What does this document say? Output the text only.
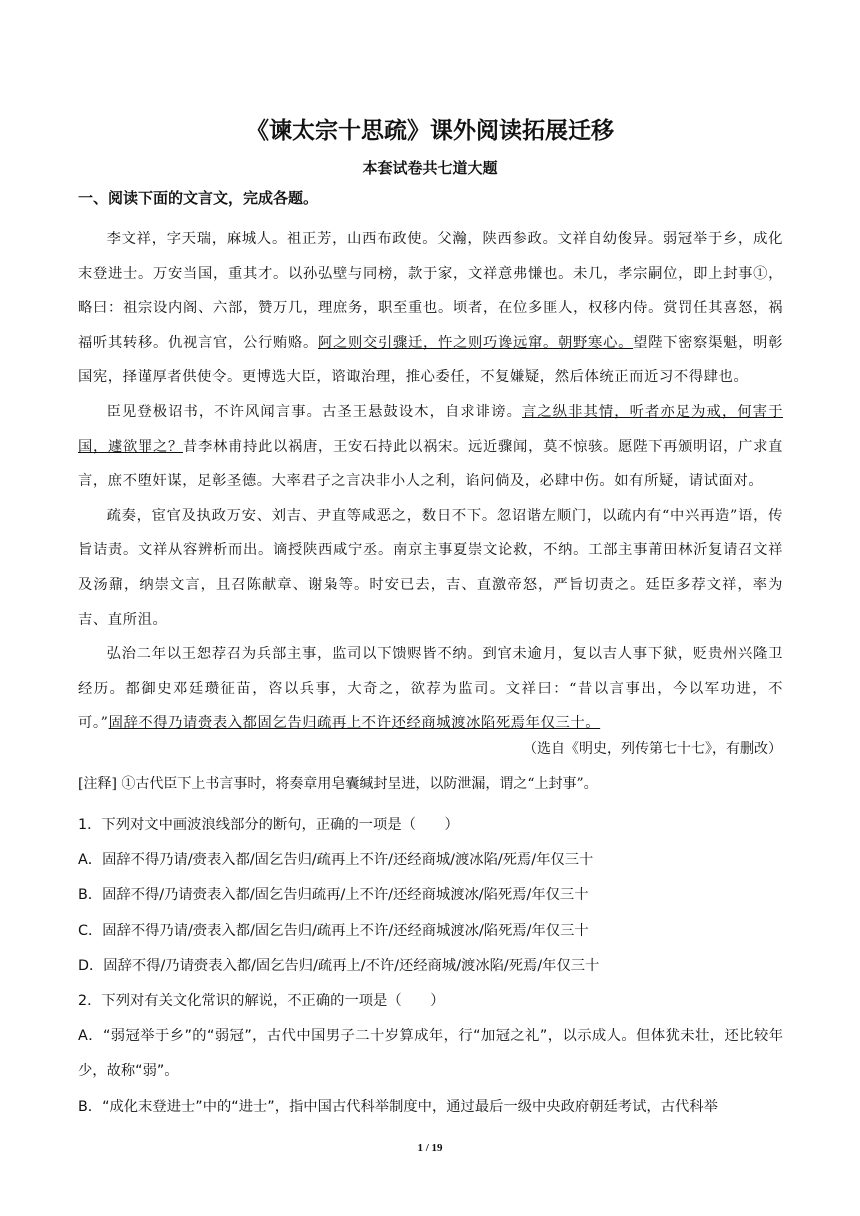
《谏太宗十思疏》课外阅读拓展迁移
本套试卷共七道大题
一、阅读下面的文言文，完成各题。

李文祥，字天瑞，麻城人。祖正芳，山西布政使。父瀚，陕西参政。文祥自幼俊异。弱冠举于乡，成化末登进士。万安当国，重其才。以孙弘壁与同榜，款于家，文祥意弗慊也。未几，孝宗嗣位，即上封事①，略曰：祖宗设内阁、六部，赞万几，理庶务，职至重也。顷者，在位多匪人，权移内侍。赏罚任其喜怒，祸福听其转移。仇视言官，公行贿赂。阿之则交引骤迁，忤之则巧谗远窜。朝野寒心。望陛下密察渠魁，明彰国宪，择谨厚者供使令。更博选大臣，谘诹治理，推心委任，不复嫌疑，然后体统正而近习不得肆也。

臣见登极诏书，不许风闻言事。古圣王悬鼓设木，自求诽谤。言之纵非其情，听者亦足为戒，何害于国，遽欲罪之？昔李林甫持此以祸唐，王安石持此以祸宋。远近骤闻，莫不惊骇。愿陛下再颁明诏，广求直言，庶不堕奸谋，足彰圣德。大率君子之言决非小人之利，谄问倘及，必肆中伤。如有所疑，请试面对。

疏奏，宦官及执政万安、刘吉、尹直等咸恶之，数日不下。忽诏谐左顺门，以疏内有“中兴再造”语，传旨诘责。文祥从容辨析而出。谪授陕西咸宁丞。南京主事夏崇文论救，不纳。工部主事莆田林沂复请召文祥及汤鼐，纳崇文言，且召陈献章、谢枭等。时安已去，吉、直激帝怒，严旨切责之。廷臣多荐文祥，率为吉、直所沮。

弘治二年以王恕荐召为兵部主事，监司以下馈赆皆不纳。到官未逾月，复以吉人事下狱，贬贵州兴隆卫经历。都御史邓廷瓒征苗，咨以兵事，大奇之，欲荐为监司。文祥曰：“昔以言事出，今以军功进，不可。”固辞不得乃请赍表入都固乞告归疏再上不许还经商城渡冰陷死焉年仅三十。

（选自《明史，列传第七十七》，有删改）
[注释] ①古代臣下上书言事时，将奏章用皂囊缄封呈进，以防泄漏，谓之“上封事”。
1．下列对文中画波浪线部分的断句，正确的一项是（　　）
A．固辞不得乃请/赍表入都/固乞告归/疏再上不许/还经商城/渡冰陷/死焉/年仅三十
B．固辞不得/乃请赍表入都/固乞告归疏再/上不许/还经商城渡冰/陷死焉/年仅三十
C．固辞不得乃请/赍表入都/固乞告归/疏再上不许/还经商城渡冰/陷死焉/年仅三十
D．固辞不得/乃请赍表入都/固乞告归/疏再上/不许/还经商城/渡冰陷/死焉/年仅三十
2．下列对有关文化常识的解说，不正确的一项是（　　）
A．“弱冠举于乡”的“弱冠”，古代中国男子二十岁算成年，行“加冠之礼”，以示成人。但体犹未壮，还比较年少，故称“弱”。
B．“成化末登进士”中的“进士”，指中国古代科举制度中，通过最后一级中央政府朝廷考试，古代科举
1 / 19
